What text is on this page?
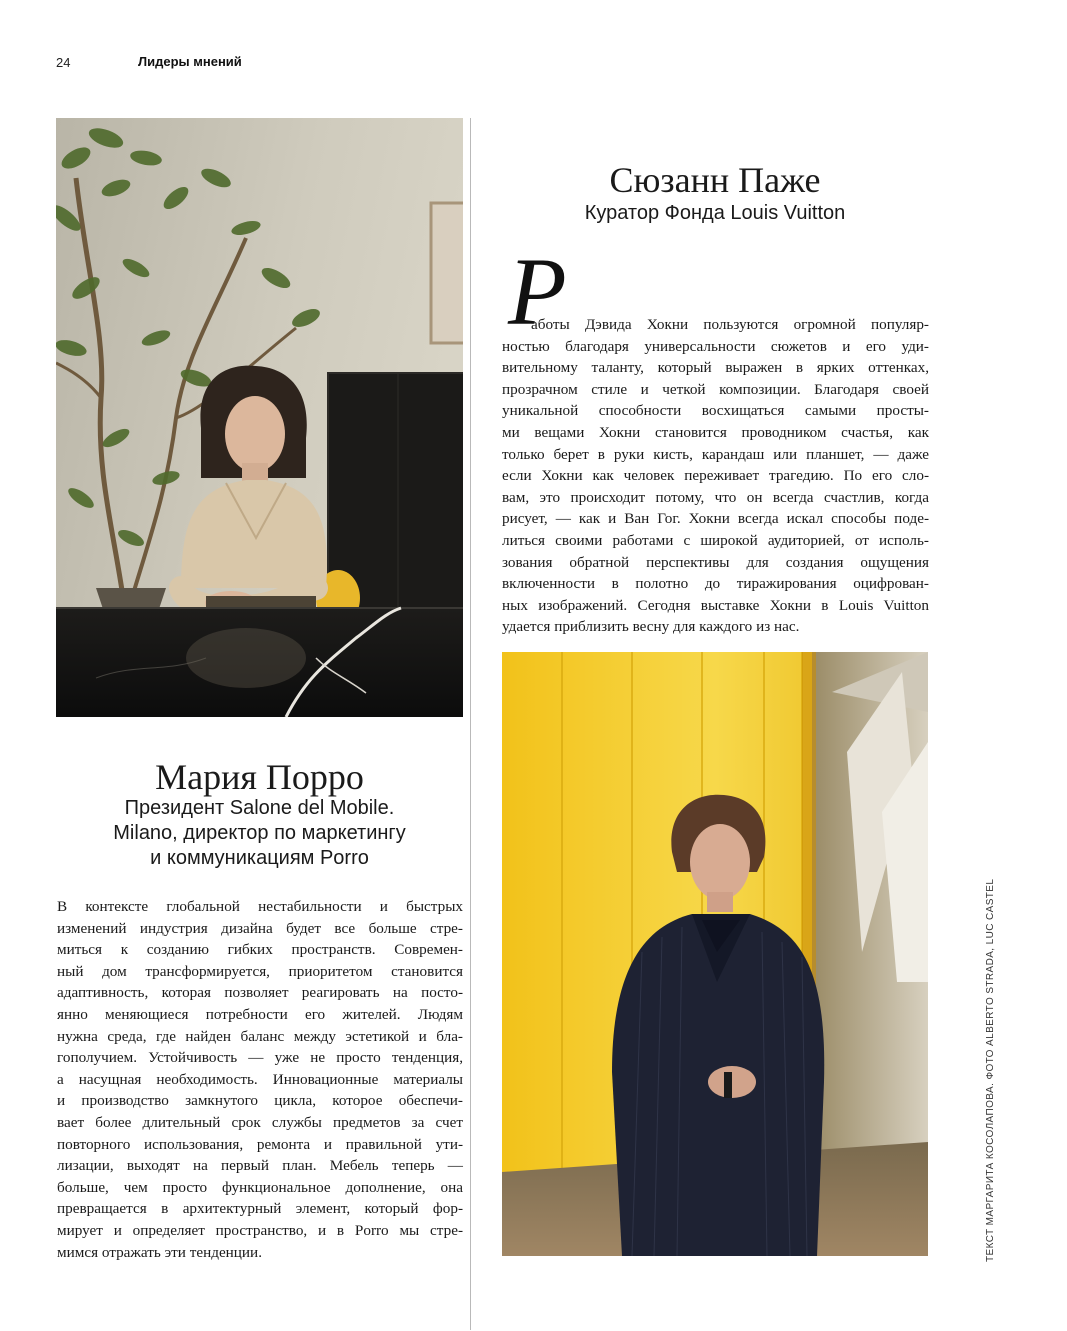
24	Лидеры мнений
Сюзанн Паже

Куратор Фонда Louis Vuitton

Р
аботы Дэвида Хокни пользуются огромной популяр-
ностью благодаря универсальности сюжетов и его уди-
вительному таланту, который выражен в ярких оттенках,
прозрачном стиле и четкой композиции. Благодаря своей
уникальной способности восхищаться самыми просты-
ми вещами Хокни становится проводником счастья, как
только берет в руки кисть, карандаш или планшет, — даже
если Хокни как человек переживает трагедию. По его сло-
вам, это происходит потому, что он всегда счастлив, когда
рисует, — как и Ван Гог. Хокни всегда искал способы поде-
литься своими работами с широкой аудиторией, от исполь-
зования обратной перспективы для создания ощущения
включенности в полотно до тиражирования оцифрован-
ных изображений. Сегодня выставке Хокни в Louis Vuitton
удается приблизить весну для каждого из нас.
Мария Порро

Президент Salone del Mobile.

Milano, директор по маркетингу

и коммуникациям Porro

В контексте глобальной нестабильности и быстрых
изменений индустрия дизайна будет все больше стре-
миться к созданию гибких пространств. Современ-
ный дом трансформируется, приоритетом становится
адаптивность, которая позволяет реагировать на посто-
янно меняющиеся потребности его жителей. Людям
нужна среда, где найден баланс между эстетикой и бла-
гополучием. Устойчивость — уже не просто тенденция,
а насущная необходимость. Инновационные материалы
и производство замкнутого цикла, которое обеспечи-
вает более длительный срок службы предметов за счет
повторного использования, ремонта и правильной ути-
лизации, выходят на первый план. Мебель теперь —
больше, чем просто функциональное дополнение, она
превращается в архитектурный элемент, который фор-
мирует и определяет пространство, и в Porro мы стре-
мимся отражать эти тенденции.	ТЕКСТ МАРГАРИТА КОСОЛАПОВА. ФОТО ALBERTO STRADA, LUC CASTEL
